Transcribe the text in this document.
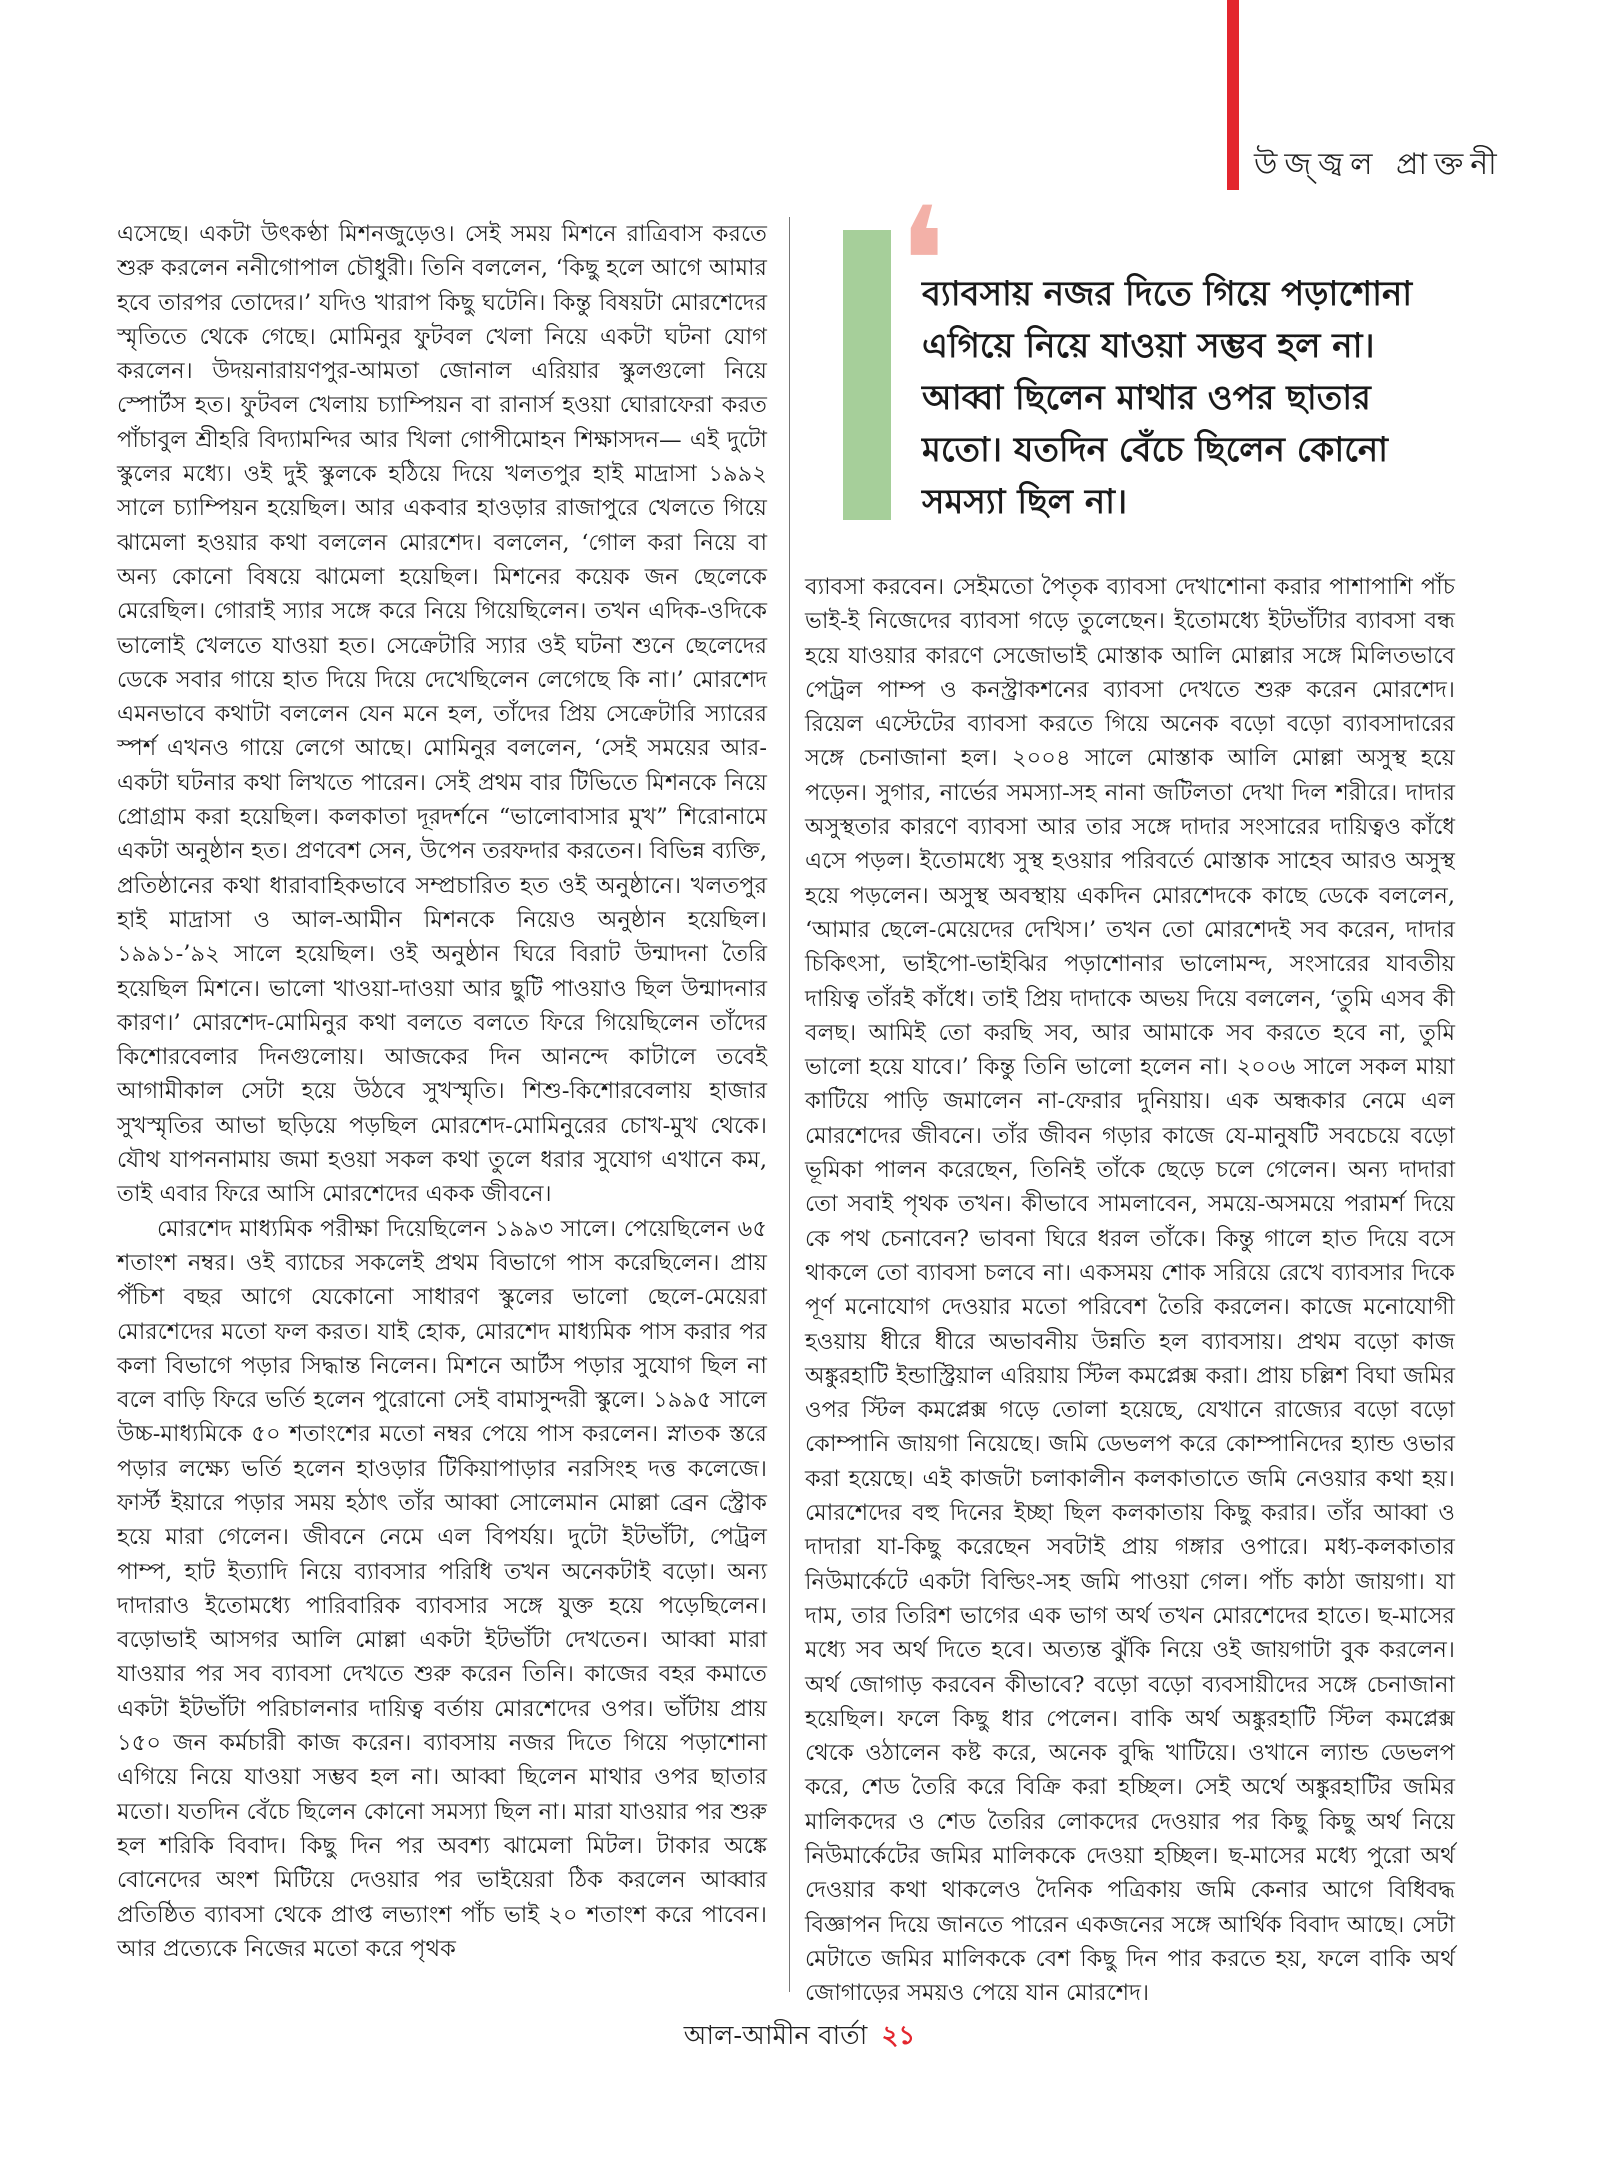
উজ্জ্বল প্রাক্তনী

এসেছে। একটা উৎকণ্ঠা মিশনজুড়েও। সেই সময় মিশনে রাত্রিবাস করতে শুরু করলেন ননীগোপাল চৌধুরী। তিনি বললেন, ‘কিছু হলে আগে আমার হবে তারপর তোদের।’ যদিও খারাপ কিছু ঘটেনি। কিন্তু বিষয়টা মোরশেদের স্মৃতিতে থেকে গেছে। মোমিনুর ফুটবল খেলা নিয়ে একটা ঘটনা যোগ করলেন। উদয়নারায়ণপুর-আমতা জোনাল এরিয়ার স্কুলগুলো নিয়ে স্পোর্টস হত। ফুটবল খেলায় চ্যাম্পিয়ন বা রানার্স হওয়া ঘোরাফেরা করত পাঁচাবুল শ্রীহরি বিদ্যামন্দির আর খিলা গোপীমোহন শিক্ষাসদন— এই দুটো স্কুলের মধ্যে। ওই দুই স্কুলকে হঠিয়ে দিয়ে খলতপুর হাই মাদ্রাসা ১৯৯২ সালে চ্যাম্পিয়ন হয়েছিল। আর একবার হাওড়ার রাজাপুরে খেলতে গিয়ে ঝামেলা হওয়ার কথা বললেন মোরশেদ। বললেন, ‘গোল করা নিয়ে বা অন্য কোনো বিষয়ে ঝামেলা হয়েছিল। মিশনের কয়েক জন ছেলেকে মেরেছিল। গোরাই স্যার সঙ্গে করে নিয়ে গিয়েছিলেন। তখন এদিক-ওদিকে ভালোই খেলতে যাওয়া হত। সেক্রেটারি স্যার ওই ঘটনা শুনে ছেলেদের ডেকে সবার গায়ে হাত দিয়ে দিয়ে দেখেছিলেন লেগেছে কি না।’ মোরশেদ এমনভাবে কথাটা বললেন যেন মনে হল, তাঁদের প্রিয় সেক্রেটারি স্যারের স্পর্শ এখনও গায়ে লেগে আছে। মোমিনুর বললেন, ‘সেই সময়ের আর-একটা ঘটনার কথা লিখতে পারেন। সেই প্রথম বার টিভিতে মিশনকে নিয়ে প্রোগ্রাম করা হয়েছিল। কলকাতা দূরদর্শনে “ভালোবাসার মুখ” শিরোনামে একটা অনুষ্ঠান হত। প্রণবেশ সেন, উপেন তরফদার করতেন। বিভিন্ন ব্যক্তি, প্রতিষ্ঠানের কথা ধারাবাহিকভাবে সম্প্রচারিত হত ওই অনুষ্ঠানে। খলতপুর হাই মাদ্রাসা ও আল-আমীন মিশনকে নিয়েও অনুষ্ঠান হয়েছিল। ১৯৯১-’৯২ সালে হয়েছিল। ওই অনুষ্ঠান ঘিরে বিরাট উন্মাদনা তৈরি হয়েছিল মিশনে। ভালো খাওয়া-দাওয়া আর ছুটি পাওয়াও ছিল উন্মাদনার কারণ।’ মোরশেদ-মোমিনুর কথা বলতে বলতে ফিরে গিয়েছিলেন তাঁদের কিশোরবেলার দিনগুলোয়। আজকের দিন আনন্দে কাটালে তবেই আগামীকাল সেটা হয়ে উঠবে সুখস্মৃতি। শিশু-কিশোরবেলায় হাজার সুখস্মৃতির আভা ছড়িয়ে পড়ছিল মোরশেদ-মোমিনুরের চোখ-মুখ থেকে। যৌথ যাপননামায় জমা হওয়া সকল কথা তুলে ধরার সুযোগ এখানে কম, তাই এবার ফিরে আসি মোরশেদের একক জীবনে।

মোরশেদ মাধ্যমিক পরীক্ষা দিয়েছিলেন ১৯৯৩ সালে। পেয়েছিলেন ৬৫ শতাংশ নম্বর। ওই ব্যাচের সকলেই প্রথম বিভাগে পাস করেছিলেন। প্রায় পঁচিশ বছর আগে যেকোনো সাধারণ স্কুলের ভালো ছেলে-মেয়েরা মোরশেদের মতো ফল করত। যাই হোক, মোরশেদ মাধ্যমিক পাস করার পর কলা বিভাগে পড়ার সিদ্ধান্ত নিলেন। মিশনে আর্টস পড়ার সুযোগ ছিল না বলে বাড়ি ফিরে ভর্তি হলেন পুরোনো সেই বামাসুন্দরী স্কুলে। ১৯৯৫ সালে উচ্চ-মাধ্যমিকে ৫০ শতাংশের মতো নম্বর পেয়ে পাস করলেন। স্নাতক স্তরে পড়ার লক্ষ্যে ভর্তি হলেন হাওড়ার টিকিয়াপাড়ার নরসিংহ দত্ত কলেজে। ফার্স্ট ইয়ারে পড়ার সময় হঠাৎ তাঁর আব্বা সোলেমান মোল্লা ব্রেন স্ট্রোক হয়ে মারা গেলেন। জীবনে নেমে এল বিপর্যয়। দুটো ইটভাঁটা, পেট্রল পাম্প, হাট ইত্যাদি নিয়ে ব্যাবসার পরিধি তখন অনেকটাই বড়ো। অন্য দাদারাও ইতোমধ্যে পারিবারিক ব্যাবসার সঙ্গে যুক্ত হয়ে পড়েছিলেন। বড়োভাই আসগর আলি মোল্লা একটা ইটভাঁটা দেখতেন। আব্বা মারা যাওয়ার পর সব ব্যাবসা দেখতে শুরু করেন তিনি। কাজের বহর কমাতে একটা ইটভাঁটা পরিচালনার দায়িত্ব বর্তায় মোরশেদের ওপর। ভাঁটায় প্রায় ১৫০ জন কর্মচারী কাজ করেন। ব্যাবসায় নজর দিতে গিয়ে পড়াশোনা এগিয়ে নিয়ে যাওয়া সম্ভব হল না। আব্বা ছিলেন মাথার ওপর ছাতার মতো। যতদিন বেঁচে ছিলেন কোনো সমস্যা ছিল না। মারা যাওয়ার পর শুরু হল শরিকি বিবাদ। কিছু দিন পর অবশ্য ঝামেলা মিটল। টাকার অঙ্কে বোনেদের অংশ মিটিয়ে দেওয়ার পর ভাইয়েরা ঠিক করলেন আব্বার প্রতিষ্ঠিত ব্যাবসা থেকে প্রাপ্ত লভ্যাংশ পাঁচ ভাই ২০ শতাংশ করে পাবেন। আর প্রত্যেকে নিজের মতো করে পৃথক

❛

ব্যাবসায় নজর দিতে গিয়ে পড়াশোনা এগিয়ে নিয়ে যাওয়া সম্ভব হল না। আব্বা ছিলেন মাথার ওপর ছাতার মতো। যতদিন বেঁচে ছিলেন কোনো সমস্যা ছিল না।

ব্যাবসা করবেন। সেইমতো পৈতৃক ব্যাবসা দেখাশোনা করার পাশাপাশি পাঁচ ভাই-ই নিজেদের ব্যাবসা গড়ে তুলেছেন। ইতোমধ্যে ইটভাঁটার ব্যাবসা বন্ধ হয়ে যাওয়ার কারণে সেজোভাই মোস্তাক আলি মোল্লার সঙ্গে মিলিতভাবে পেট্রল পাম্প ও কনস্ট্রাকশনের ব্যাবসা দেখতে শুরু করেন মোরশেদ। রিয়েল এস্টেটের ব্যাবসা করতে গিয়ে অনেক বড়ো বড়ো ব্যাবসাদারের সঙ্গে চেনাজানা হল। ২০০৪ সালে মোস্তাক আলি মোল্লা অসুস্থ হয়ে পড়েন। সুগার, নার্ভের সমস্যা-সহ নানা জটিলতা দেখা দিল শরীরে। দাদার অসুস্থতার কারণে ব্যাবসা আর তার সঙ্গে দাদার সংসারের দায়িত্বও কাঁধে এসে পড়ল। ইতোমধ্যে সুস্থ হওয়ার পরিবর্তে মোস্তাক সাহেব আরও অসুস্থ হয়ে পড়লেন। অসুস্থ অবস্থায় একদিন মোরশেদকে কাছে ডেকে বললেন, ‘আমার ছেলে-মেয়েদের দেখিস।’ তখন তো মোরশেদই সব করেন, দাদার চিকিৎসা, ভাইপো-ভাইঝির পড়াশোনার ভালোমন্দ, সংসারের যাবতীয় দায়িত্ব তাঁরই কাঁধে। তাই প্রিয় দাদাকে অভয় দিয়ে বললেন, ‘তুমি এসব কী বলছ। আমিই তো করছি সব, আর আমাকে সব করতে হবে না, তুমি ভালো হয়ে যাবে।’ কিন্তু তিনি ভালো হলেন না। ২০০৬ সালে সকল মায়া কাটিয়ে পাড়ি জমালেন না-ফেরার দুনিয়ায়। এক অন্ধকার নেমে এল মোরশেদের জীবনে। তাঁর জীবন গড়ার কাজে যে-মানুষটি সবচেয়ে বড়ো ভূমিকা পালন করেছেন, তিনিই তাঁকে ছেড়ে চলে গেলেন। অন্য দাদারা তো সবাই পৃথক তখন। কীভাবে সামলাবেন, সময়ে-অসময়ে পরামর্শ দিয়ে কে পথ চেনাবেন? ভাবনা ঘিরে ধরল তাঁকে। কিন্তু গালে হাত দিয়ে বসে থাকলে তো ব্যাবসা চলবে না। একসময় শোক সরিয়ে রেখে ব্যাবসার দিকে পূর্ণ মনোযোগ দেওয়ার মতো পরিবেশ তৈরি করলেন। কাজে মনোযোগী হওয়ায় ধীরে ধীরে অভাবনীয় উন্নতি হল ব্যাবসায়। প্রথম বড়ো কাজ অঙ্কুরহাটি ইন্ডাস্ট্রিয়াল এরিয়ায় স্টিল কমপ্লেক্স করা। প্রায় চল্লিশ বিঘা জমির ওপর স্টিল কমপ্লেক্স গড়ে তোলা হয়েছে, যেখানে রাজ্যের বড়ো বড়ো কোম্পানি জায়গা নিয়েছে। জমি ডেভলপ করে কোম্পানিদের হ্যান্ড ওভার করা হয়েছে। এই কাজটা চলাকালীন কলকাতাতে জমি নেওয়ার কথা হয়। মোরশেদের বহু দিনের ইচ্ছা ছিল কলকাতায় কিছু করার। তাঁর আব্বা ও দাদারা যা-কিছু করেছেন সবটাই প্রায় গঙ্গার ওপারে। মধ্য-কলকাতার নিউমার্কেটে একটা বিল্ডিং-সহ জমি পাওয়া গেল। পাঁচ কাঠা জায়গা। যা দাম, তার তিরিশ ভাগের এক ভাগ অর্থ তখন মোরশেদের হাতে। ছ-মাসের মধ্যে সব অর্থ দিতে হবে। অত্যন্ত ঝুঁকি নিয়ে ওই জায়গাটা বুক করলেন। অর্থ জোগাড় করবেন কীভাবে? বড়ো বড়ো ব্যবসায়ীদের সঙ্গে চেনাজানা হয়েছিল। ফলে কিছু ধার পেলেন। বাকি অর্থ অঙ্কুরহাটি স্টিল কমপ্লেক্স থেকে ওঠালেন কষ্ট করে, অনেক বুদ্ধি খাটিয়ে। ওখানে ল্যান্ড ডেভলপ করে, শেড তৈরি করে বিক্রি করা হচ্ছিল। সেই অর্থে অঙ্কুরহাটির জমির মালিকদের ও শেড তৈরির লোকদের দেওয়ার পর কিছু কিছু অর্থ নিয়ে নিউমার্কেটের জমির মালিককে দেওয়া হচ্ছিল। ছ-মাসের মধ্যে পুরো অর্থ দেওয়ার কথা থাকলেও দৈনিক পত্রিকায় জমি কেনার আগে বিধিবদ্ধ বিজ্ঞাপন দিয়ে জানতে পারেন একজনের সঙ্গে আর্থিক বিবাদ আছে। সেটা মেটাতে জমির মালিককে বেশ কিছু দিন পার করতে হয়, ফলে বাকি অর্থ জোগাড়ের সময়ও পেয়ে যান মোরশেদ।

আল-আমীন বার্তা ২১
